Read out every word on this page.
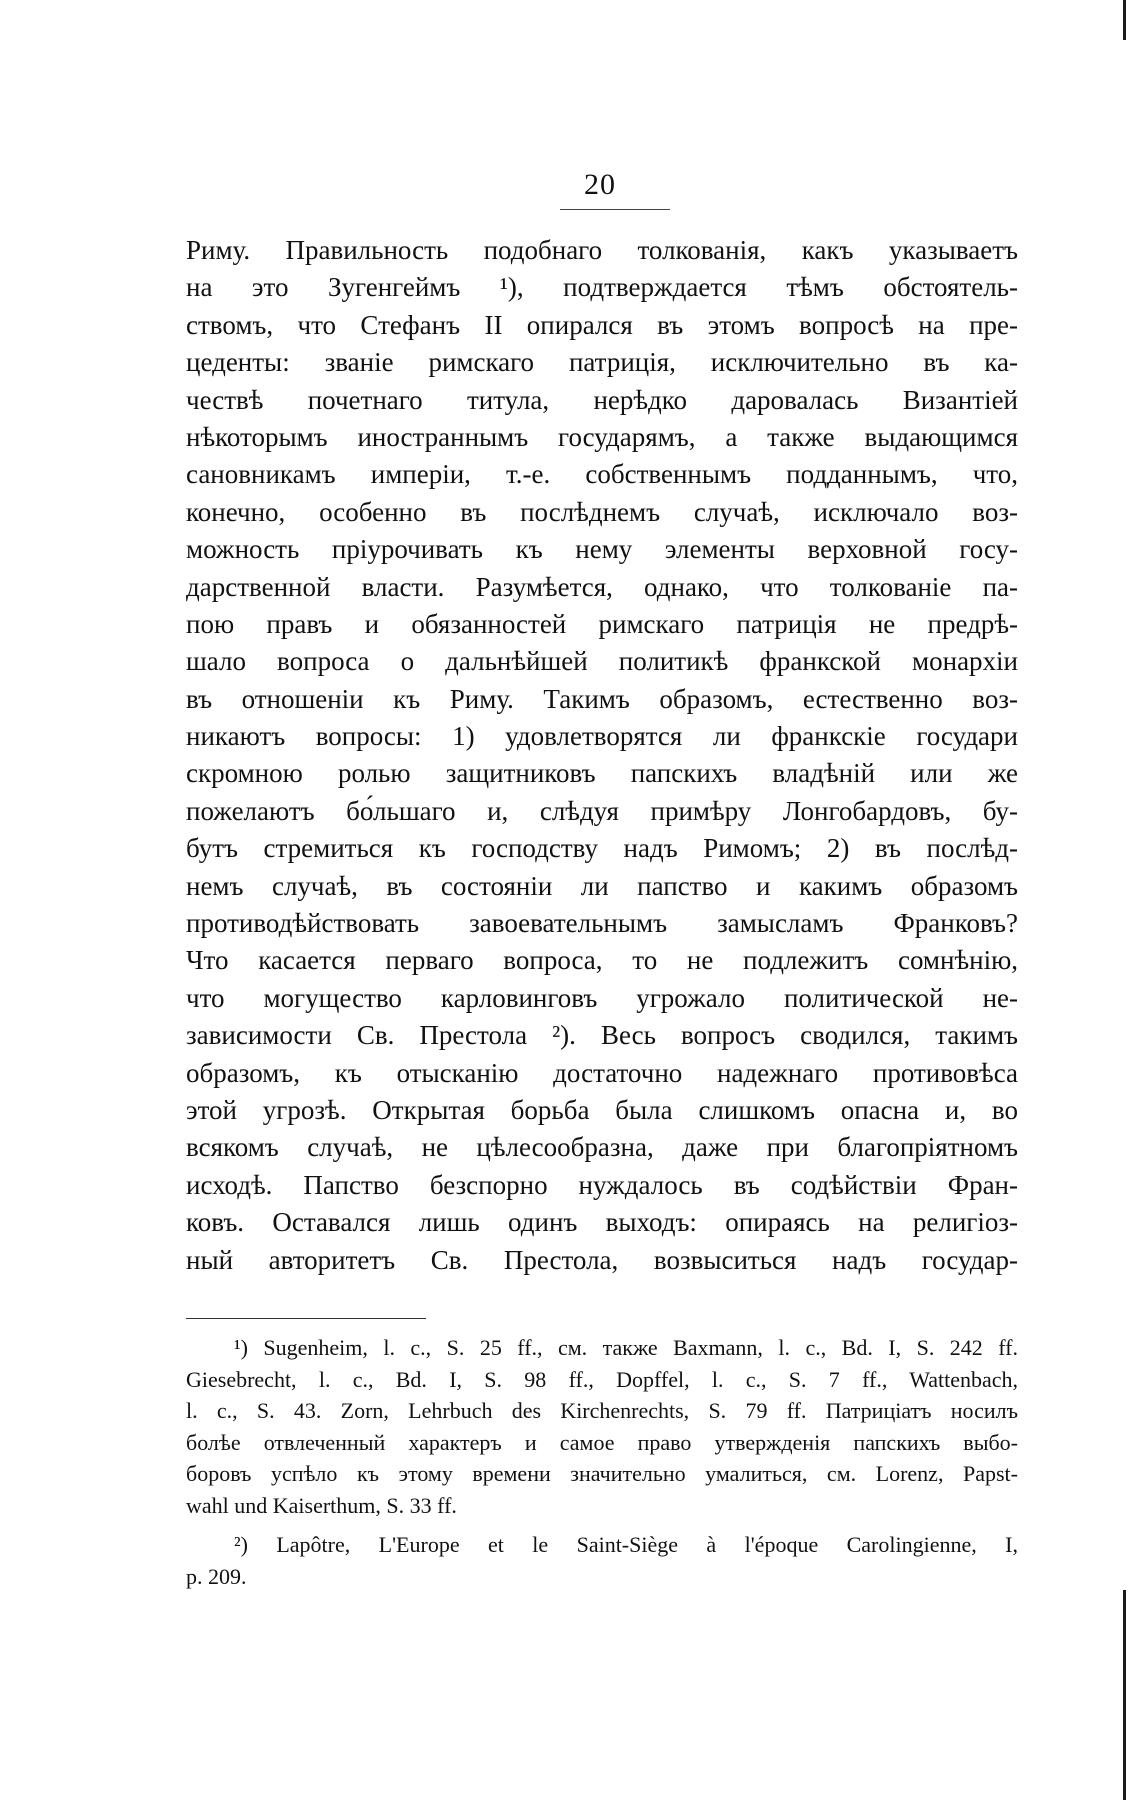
20
Риму. Правильность подобнаго толкованія, какъ указываетъ
на это Зугенгеймъ ¹), подтверждается тѣмъ обстоятель-
ствомъ, что Стефанъ II опирался въ этомъ вопросѣ на пре-
цеденты: званіе римскаго патриція, исключительно въ ка-
чествѣ почетнаго титула, нерѣдко даровалась Византіей
нѣкоторымъ иностраннымъ государямъ, а также выдающимся
сановникамъ имперіи, т.-е. собственнымъ подданнымъ, что,
конечно, особенно въ послѣднемъ случаѣ, исключало воз-
можность пріурочивать къ нему элементы верховной госу-
дарственной власти. Разумѣется, однако, что толкованіе па-
пою правъ и обязанностей римскаго патриція не предрѣ-
шало вопроса о дальнѣйшей политикѣ франкской монархіи
въ отношеніи къ Риму. Такимъ образомъ, естественно воз-
никаютъ вопросы: 1) удовлетворятся ли франкскіе государи
скромною ролью защитниковъ папскихъ владѣній или же
пожелаютъ бо́льшаго и, слѣдуя примѣру Лонгобардовъ, бу-
бутъ стремиться къ господству надъ Римомъ; 2) въ послѣд-
немъ случаѣ, въ состояніи ли папство и какимъ образомъ
противодѣйствовать завоевательнымъ замысламъ Франковъ?
Что касается перваго вопроса, то не подлежитъ сомнѣнію,
что могущество карловинговъ угрожало политической не-
зависимости Св. Престола ²). Весь вопросъ сводился, такимъ
образомъ, къ отысканію достаточно надежнаго противовѣса
этой угрозѣ. Открытая борьба была слишкомъ опасна и, во
всякомъ случаѣ, не цѣлесообразна, даже при благопріятномъ
исходѣ. Папство безспорно нуждалось въ содѣйствіи Фран-
ковъ. Оставался лишь одинъ выходъ: опираясь на религіоз-
ный авторитетъ Св. Престола, возвыситься надъ государ-
¹) Sugenheim, l. c., S. 25 ff., см. также Baxmann, l. c., Bd. I, S. 242 ff.
Giesebrecht, l. c., Bd. I, S. 98 ff., Dopffel, l. c., S. 7 ff., Wattenbach,
l. c., S. 43. Zorn, Lehrbuch des Kirchenrechts, S. 79 ff. Патриціатъ носилъ
болѣе отвлеченный характеръ и самое право утвержденія папскихъ выбо-
боровъ успѣло къ этому времени значительно умалиться, см. Lorenz, Papst-
wahl und Kaiserthum, S. 33 ff.
²) Lapôtre, L'Europe et le Saint-Siège à l'époque Carolingienne, I,
p. 209.
